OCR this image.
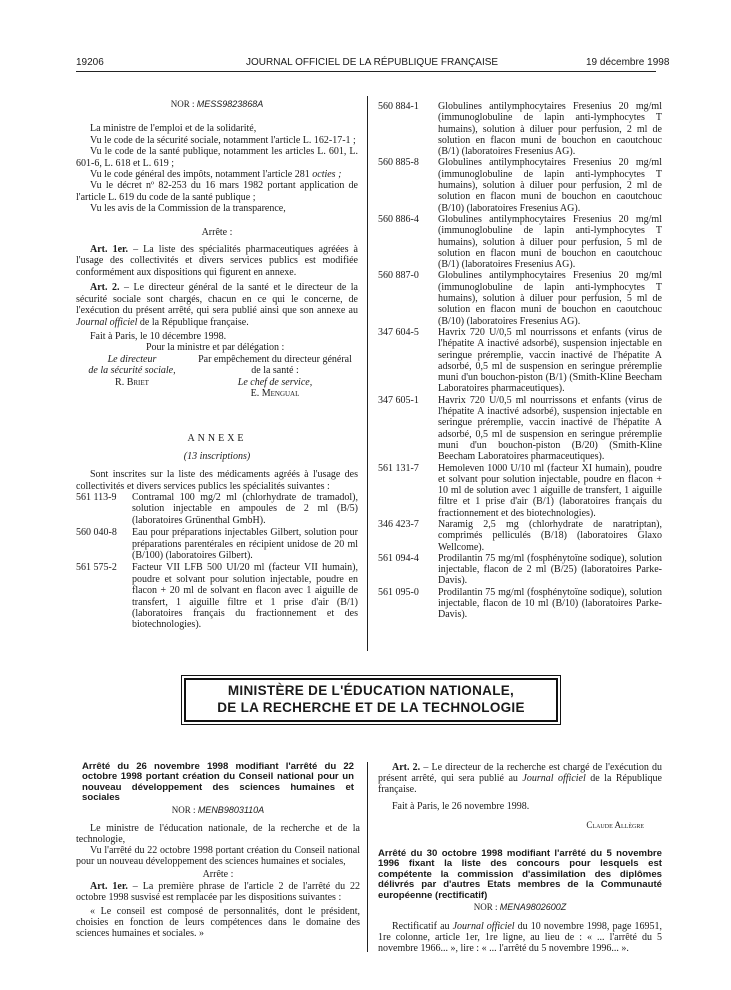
19206	JOURNAL OFFICIEL DE LA RÉPUBLIQUE FRANÇAISE	19 décembre 1998
NOR : MESS9823868A

La ministre de l'emploi et de la solidarité,

Vu le code de la sécurité sociale, notamment l'article L. 162-17-1 ;

Vu le code de la santé publique, notamment les articles L. 601, L. 601-6, L. 618 et L. 619 ;

Vu le code général des impôts, notamment l'article 281 octies ;

Vu le décret nº 82-253 du 16 mars 1982 portant application de l'article L. 619 du code de la santé publique ;

Vu les avis de la Commission de la transparence,

Arrête :

Art. 1er. – La liste des spécialités pharmaceutiques agréées à l'usage des collectivités et divers services publics est modifiée conformément aux dispositions qui figurent en annexe.

Art. 2. – Le directeur général de la santé et le directeur de la sécurité sociale sont chargés, chacun en ce qui le concerne, de l'exécution du présent arrêté, qui sera publié ainsi que son annexe au Journal officiel de la République française.

Fait à Paris, le 10 décembre 1998.

Pour la ministre et par délégation :

Le directeur
de la sécurité sociale,
R. Briet
Par empêchement du directeur général
de la santé :
Le chef de service,
E. Mengual

ANNEXE

(13 inscriptions)

Sont inscrites sur la liste des médicaments agréés à l'usage des collectivités et divers services publics les spécialités suivantes :

561 113-9	Contramal 100 mg/2 ml (chlorhydrate de tramadol), solution injectable en ampoules de 2 ml (B/5) (laboratoires Grünenthal GmbH).
560 040-8	Eau pour préparations injectables Gilbert, solution pour préparations parentérales en récipient unidose de 20 ml (B/100) (laboratoires Gilbert).
561 575-2	Facteur VII LFB 500 UI/20 ml (facteur VII humain), poudre et solvant pour solution injectable, poudre en flacon + 20 ml de solvant en flacon avec 1 aiguille de transfert, 1 aiguille filtre et 1 prise d'air (B/1) (laboratoires français du fractionnement et des biotechnologies).
560 884-1	Globulines antilymphocytaires Fresenius 20 mg/ml (immunoglobuline de lapin anti-lymphocytes T humains), solution à diluer pour perfusion, 2 ml de solution en flacon muni de bouchon en caoutchouc (B/1) (laboratoires Fresenius AG).
560 885-8	Globulines antilymphocytaires Fresenius 20 mg/ml (immunoglobuline de lapin anti-lymphocytes T humains), solution à diluer pour perfusion, 2 ml de solution en flacon muni de bouchon en caoutchouc (B/10) (laboratoires Fresenius AG).
560 886-4	Globulines antilymphocytaires Fresenius 20 mg/ml (immunoglobuline de lapin anti-lymphocytes T humains), solution à diluer pour perfusion, 5 ml de solution en flacon muni de bouchon en caoutchouc (B/1) (laboratoires Fresenius AG).
560 887-0	Globulines antilymphocytaires Fresenius 20 mg/ml (immunoglobuline de lapin anti-lymphocytes T humains), solution à diluer pour perfusion, 5 ml de solution en flacon muni de bouchon en caoutchouc (B/10) (laboratoires Fresenius AG).
347 604-5	Havrix 720 U/0,5 ml nourrissons et enfants (virus de l'hépatite A inactivé adsorbé), suspension injectable en seringue préremplie, vaccin inactivé de l'hépatite A adsorbé, 0,5 ml de suspension en seringue préremplie muni d'un bouchon-piston (B/1) (Smith-Kline Beecham Laboratoires pharmaceutiques).
347 605-1	Havrix 720 U/0,5 ml nourrissons et enfants (virus de l'hépatite A inactivé adsorbé), suspension injectable en seringue préremplie, vaccin inactivé de l'hépatite A adsorbé, 0,5 ml de suspension en seringue préremplie muni d'un bouchon-piston (B/20) (Smith-Kline Beecham Laboratoires pharmaceutiques).
561 131-7	Hemoleven 1000 U/10 ml (facteur XI humain), poudre et solvant pour solution injectable, poudre en flacon + 10 ml de solution avec 1 aiguille de transfert, 1 aiguille filtre et 1 prise d'air (B/1) (laboratoires français du fractionnement et des biotechnologies).
346 423-7	Naramig 2,5 mg (chlorhydrate de naratriptan), comprimés pelliculés (B/18) (laboratoires Glaxo Wellcome).
561 094-4	Prodilantin 75 mg/ml (fosphénytoïne sodique), solution injectable, flacon de 2 ml (B/25) (laboratoires Parke-Davis).
561 095-0	Prodilantin 75 mg/ml (fosphénytoïne sodique), solution injectable, flacon de 10 ml (B/10) (laboratoires Parke-Davis).
MINISTÈRE DE L'ÉDUCATION NATIONALE,
DE LA RECHERCHE ET DE LA TECHNOLOGIE
Arrêté du 26 novembre 1998 modifiant l'arrêté du 22 octobre 1998 portant création du Conseil national pour un nouveau développement des sciences humaines et sociales
NOR : MENB9803110A

Le ministre de l'éducation nationale, de la recherche et de la technologie,

Vu l'arrêté du 22 octobre 1998 portant création du Conseil national pour un nouveau développement des sciences humaines et sociales,

Arrête :

Art. 1er. – La première phrase de l'article 2 de l'arrêté du 22 octobre 1998 susvisé est remplacée par les dispositions suivantes :

« Le conseil est composé de personnalités, dont le président, choisies en fonction de leurs compétences dans le domaine des sciences humaines et sociales. »

Art. 2. – Le directeur de la recherche est chargé de l'exécution du présent arrêté, qui sera publié au Journal officiel de la République française.

Fait à Paris, le 26 novembre 1998.

Claude Allègre

Arrêté du 30 octobre 1998 modifiant l'arrêté du 5 novembre 1996 fixant la liste des concours pour lesquels est compétente la commission d'assimilation des diplômes délivrés par d'autres Etats membres de la Communauté européenne (rectificatif)
NOR : MENA9802600Z

Rectificatif au Journal officiel du 10 novembre 1998, page 16951, 1re colonne, article 1er, 1re ligne, au lieu de : « ... l'arrêté du 5 novembre 1966... », lire : « ... l'arrêté du 5 novembre 1996... ».
